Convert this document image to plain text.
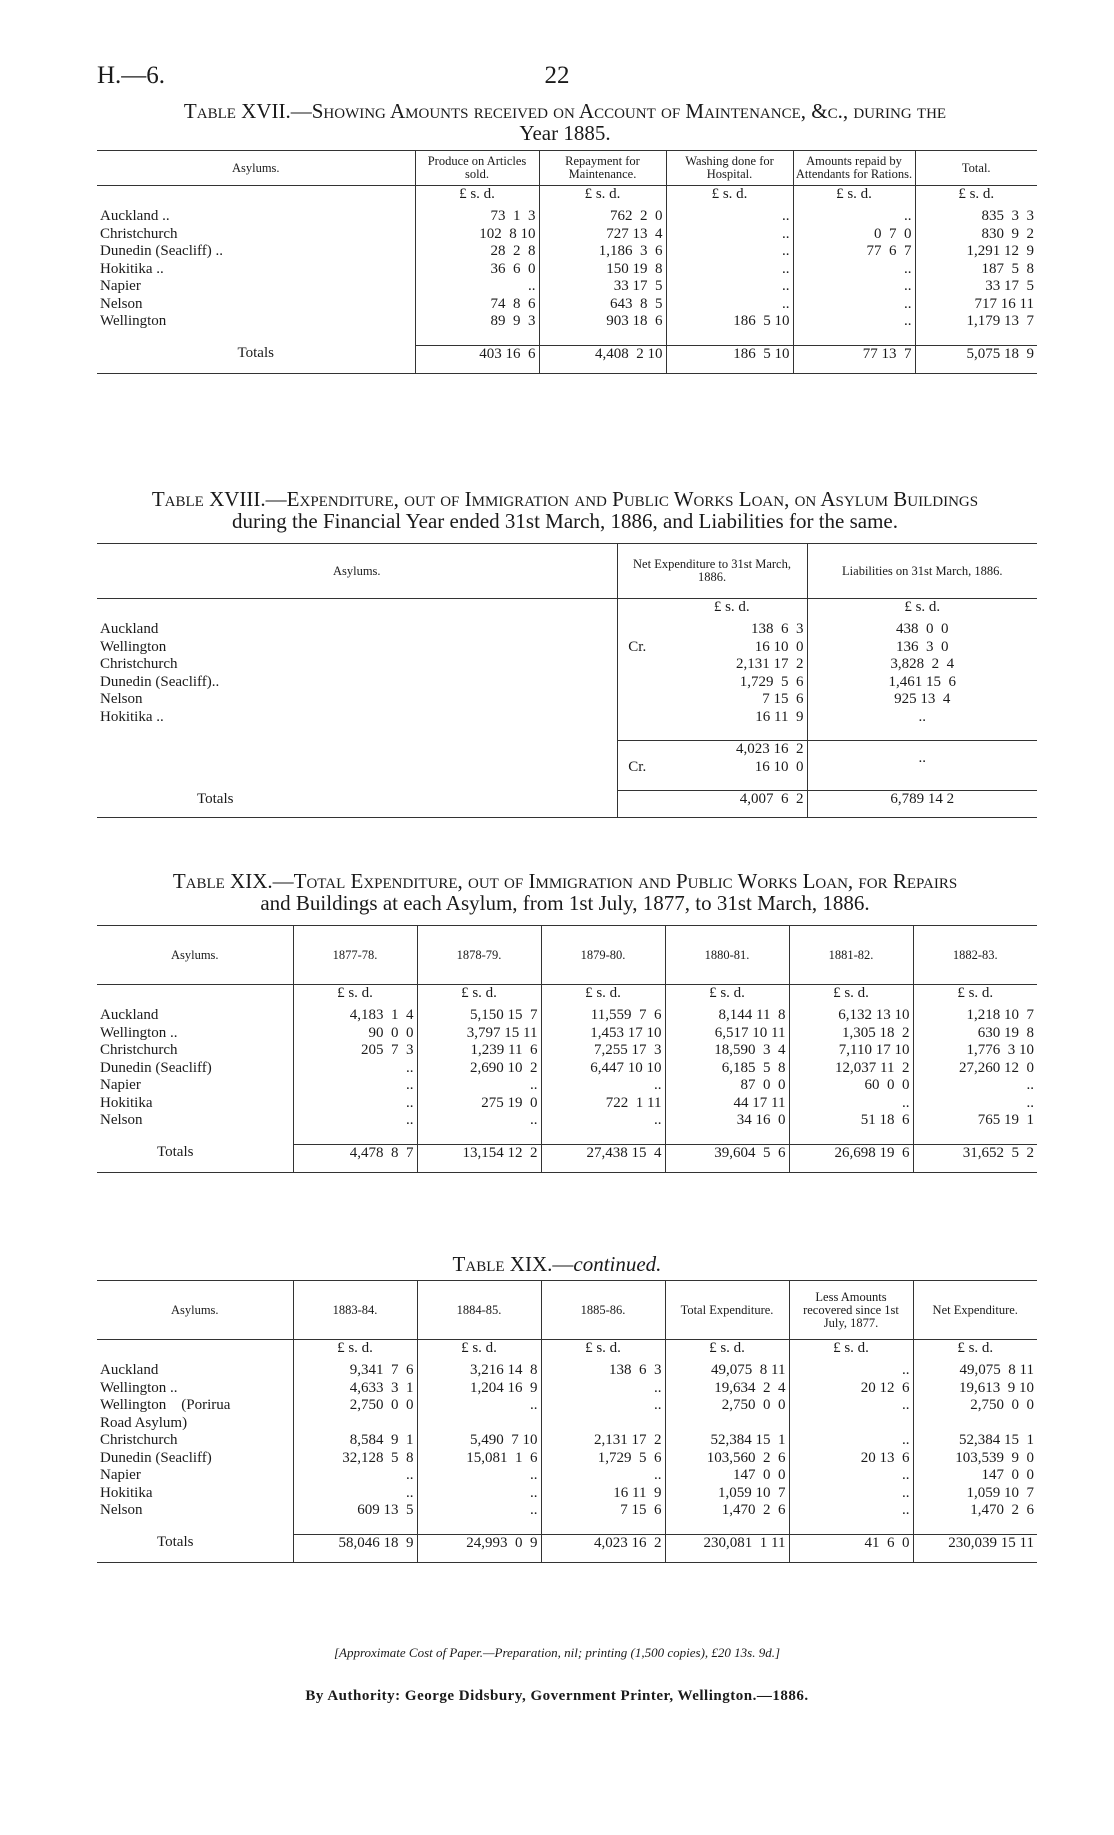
H.—6.	22
Table XVII.—Showing Amounts received on Account of Maintenance, &c., during the
Year 1885.
Asylums.	Produce on Articles sold.	Repayment for Maintenance.	Washing done for Hospital.	Amounts repaid by Attendants for Rations.	Total.
	£ s. d.	£ s. d.	£ s. d.	£ s. d.	£ s. d.
Auckland ..	73  1  3	762  2  0	..	..	835  3  3
Christchurch	102  8 10	727 13  4	..	0  7  0	830  9  2
Dunedin (Seacliff) ..	28  2  8	1,186  3  6	..	77  6  7	1,291 12  9
Hokitika ..	36  6  0	150 19  8	..	..	187  5  8
Napier	..	33 17  5	..	..	33 17  5
Nelson	74  8  6	643  8  5	..	..	717 16 11
Wellington	89  9  3	903 18  6	186  5 10	..	1,179 13  7

Totals	403 16  6	4,408  2 10	186  5 10	77 13  7	5,075 18  9
Table XVIII.—Expenditure, out of Immigration and Public Works Loan, on Asylum Buildings
during the Financial Year ended 31st March, 1886, and Liabilities for the same.
Asylums.	Net Expenditure to 31st March, 1886.		Liabilities on 31st March, 1886.
		£ s. d.	£ s. d.
Auckland		138  6  3	438  0  0
Wellington	Cr.	16 10  0	136  3  0
Christchurch		2,131 17  2	3,828  2  4
Dunedin (Seacliff)..		1,729  5  6	1,461 15  6
Nelson		7 15  6	925 13  4
Hokitika ..		16 11  9	..

		4,023 16  2	..
	Cr.	16 10  0	

Totals		4,007  6  2	6,789 14 2
Table XIX.—Total Expenditure, out of Immigration and Public Works Loan, for Repairs
and Buildings at each Asylum, from 1st July, 1877, to 31st March, 1886.
Asylums.	1877-78.	1878-79.	1879-80.	1880-81.	1881-82.	1882-83.
	£ s. d.	£ s. d.	£ s. d.	£ s. d.	£ s. d.	£ s. d.
Auckland	4,183  1  4	5,150 15  7	11,559  7  6	8,144 11  8	6,132 13 10	1,218 10  7
Wellington ..	90  0  0	3,797 15 11	1,453 17 10	6,517 10 11	1,305 18  2	630 19  8
Christchurch	205  7  3	1,239 11  6	7,255 17  3	18,590  3  4	7,110 17 10	1,776  3 10
Dunedin (Seacliff)	..	2,690 10  2	6,447 10 10	6,185  5  8	12,037 11  2	27,260 12  0
Napier	..	..	..	87  0  0	60  0  0	..
Hokitika	..	275 19  0	722  1 11	44 17 11	..	..
Nelson	..	..	..	34 16  0	51 18  6	765 19  1

Totals	4,478  8  7	13,154 12  2	27,438 15  4	39,604  5  6	26,698 19  6	31,652  5  2
Table XIX.—continued.
Asylums.	1883-84.	1884-85.	1885-86.	Total Expenditure.	Less Amounts recovered since 1st July, 1877.	Net Expenditure.
	£ s. d.	£ s. d.	£ s. d.	£ s. d.	£ s. d.	£ s. d.
Auckland	9,341  7  6	3,216 14  8	138  6  3	49,075  8 11	..	49,075  8 11
Wellington ..	4,633  3  1	1,204 16  9	..	19,634  2  4	20 12  6	19,613  9 10
Wellington    (Porirua
Road Asylum)	2,750  0  0	..	..	2,750  0  0	..	2,750  0  0
Christchurch	8,584  9  1	5,490  7 10	2,131 17  2	52,384 15  1	..	52,384 15  1
Dunedin (Seacliff)	32,128  5  8	15,081  1  6	1,729  5  6	103,560  2  6	20 13  6	103,539  9  0
Napier	..	..	..	147  0  0	..	147  0  0
Hokitika	..	..	16 11  9	1,059 10  7	..	1,059 10  7
Nelson	609 13  5	..	7 15  6	1,470  2  6	..	1,470  2  6

Totals	58,046 18  9	24,993  0  9	4,023 16  2	230,081  1 11	41  6  0	230,039 15 11
[Approximate Cost of Paper.—Preparation, nil; printing (1,500 copies), £20 13s. 9d.]
By Authority: George Didsbury, Government Printer, Wellington.—1886.
